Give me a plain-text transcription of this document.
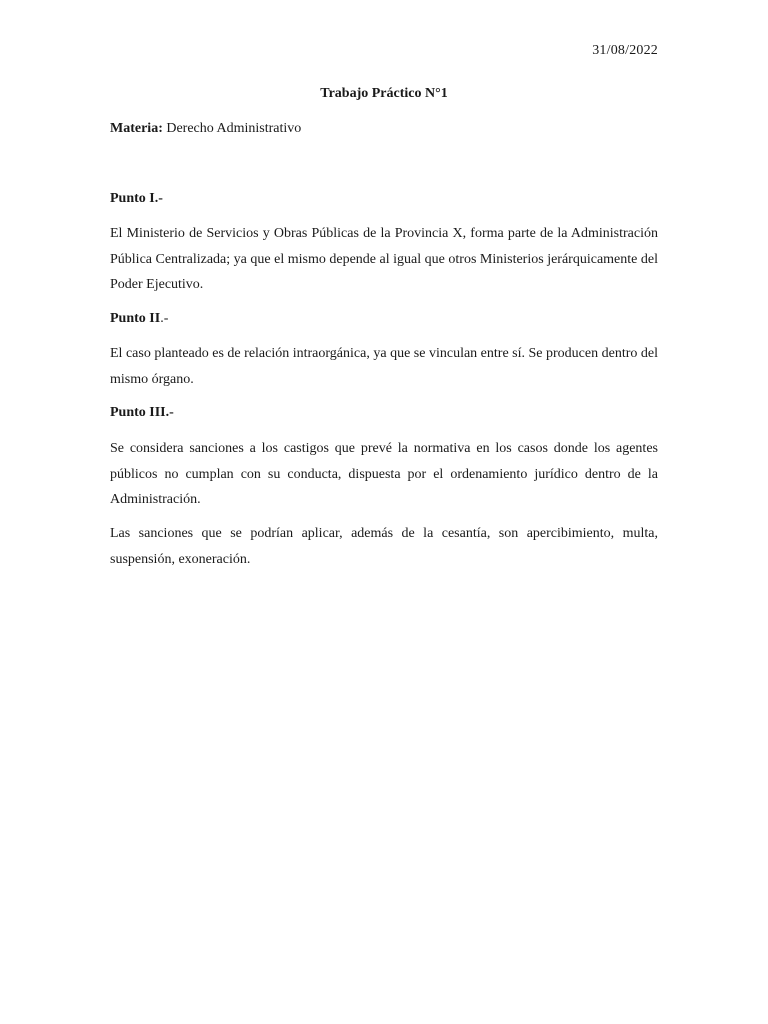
31/08/2022
Trabajo Práctico N°1
Materia: Derecho Administrativo
Punto I.-

El Ministerio de Servicios y Obras Públicas de la Provincia X, forma parte de la Administración Pública Centralizada; ya que el mismo depende al igual que otros Ministerios jerárquicamente del Poder Ejecutivo.

Punto II.-

El caso planteado es de relación intraorgánica, ya que se vinculan entre sí. Se producen dentro del mismo órgano.

Punto III.-

Se considera sanciones a los castigos que prevé la normativa en los casos donde los agentes públicos no cumplan con su conducta, dispuesta por el ordenamiento jurídico dentro de la Administración.

Las sanciones que se podrían aplicar, además de la cesantía, son apercibimiento, multa, suspensión, exoneración.
